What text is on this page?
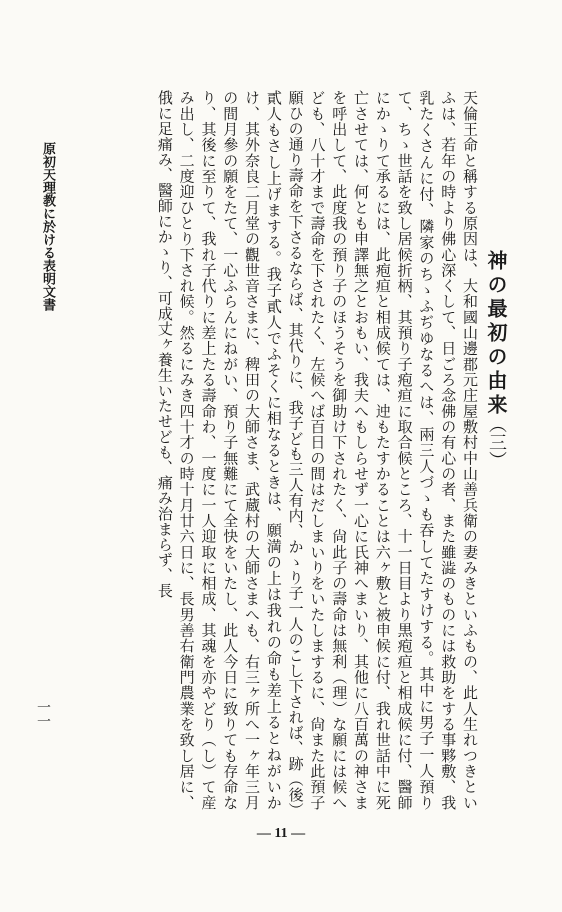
原初天理教に於ける表明文書
神の最初の由来
（三）

天倫王命と稱する原因は、大和國山邊郡元庄屋敷村中山善兵衛の妻みきといふもの、此人生れつきといふは、若年の時より佛心深くして、日ごろ念佛の有心の者、また雖澁のものには救助をする事夥敷、我乳たくさんに付、隣家のちゝふぢゆなるへは、兩三人づゝも吞してたすけする。其中に男子一人預りて、ちゝ世話を致し居候折柄、其預り子疱疸に取合候ところ、十一日目より黒疱疸と相成候に付、醫師にかゝりて承るには、此疱疸と相成候ては、迚もたすかることは六ヶ敷と被申候に付、我れ世話中に死亡させては、何とも申譯無之とおもい、我夫へもしらせず一心に氏神へまいり、其他に八百萬の神さまを呼出して、此度我の預り子のほうそうを御助け下されたく、尙此子の壽命は無利（理）な願には候へども、八十才まで壽命を下されたく、左候へば百日の間はだしまいりをいたしまするに、尙また此預子願ひの通り壽命を下さるならば、其代りに、我子ども三人有内、かゝり子一人のこし下されば、跡（後）貳人もさし上げまする。我子貳人でふそくに相なるときは、願満の上は我れの命も差上るとねがいかけ、其外奈良二月堂の觀世音さまに、稗田の大師さま、武蔵村の大師さまへも、右三ヶ所へ一ヶ年三月の間月參の願をたて、一心ふらんにねがい、預り子無難にて全快をいたし、此人今日に致りても存命なり、其後に至りて、我れ子代りに差上たる壽命わ、一度に一人迎取に相成、其魂を亦やどり（し）て産み出し、二度迎ひとり下され候。然るにみき四十才の時十月廿六日に、長男善右衛門農業を致し居に、俄に足痛み、醫師にかゝり、可成丈ヶ養生いたせども、痛み治まらず、長

一一
— 11 —
